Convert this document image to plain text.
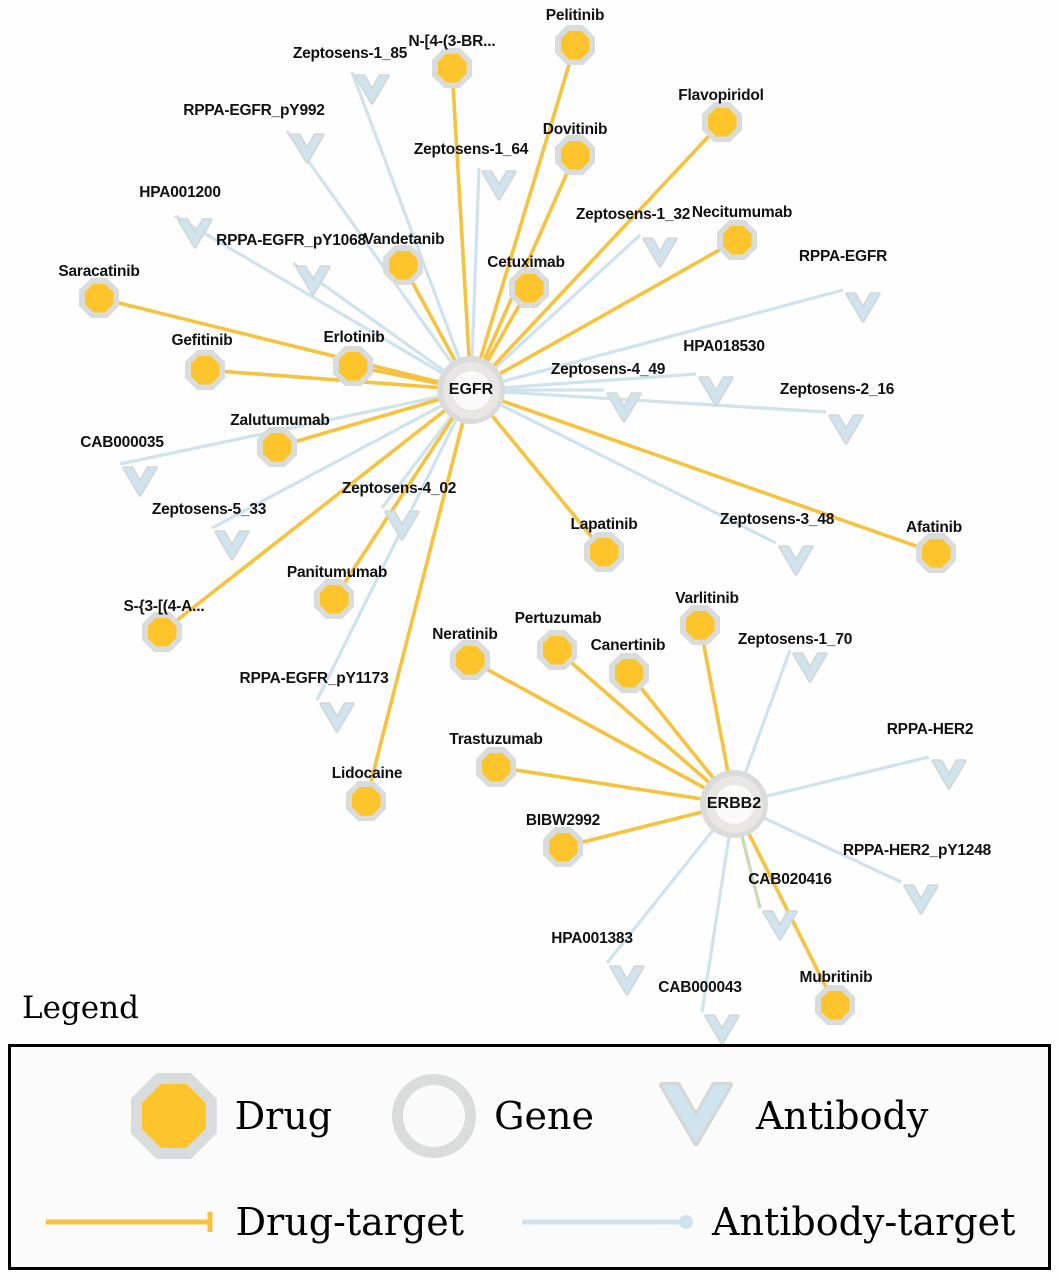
Pelitinib
N-[4-(3-BR...
Flavopiridol
Dovitinib
Necitumumab
Vandetanib
Cetuximab
Saracatinib
Gefitinib	Erlotinib
Zalutumumab
Lapatinib	Afatinib
Panitumumab
S-{3-[(4-A...	Varlitinib
Pertuzumab
Neratinib
Canertinib
Trastuzumab
Lidocaine
BIBW2992
Mubritinib
Zeptosens-1_85
RPPA-EGFR_pY992
Zeptosens-1_64
HPA001200
Zeptosens-1_32
RPPA-EGFR_pY1068
RPPA-EGFR
HPA018530
Zeptosens-4_49
Zeptosens-2_16
CAB000035
Zeptosens-4_02
Zeptosens-5_33
Zeptosens-3_48
Zeptosens-1_70
RPPA-EGFR_pY1173
RPPA-HER2
RPPA-HER2_pY1248
CAB020416
HPA001383
CAB000043
EGFR
ERBB2
Legend
Drug	Gene	Antibody
Drug-target	Antibody-target
